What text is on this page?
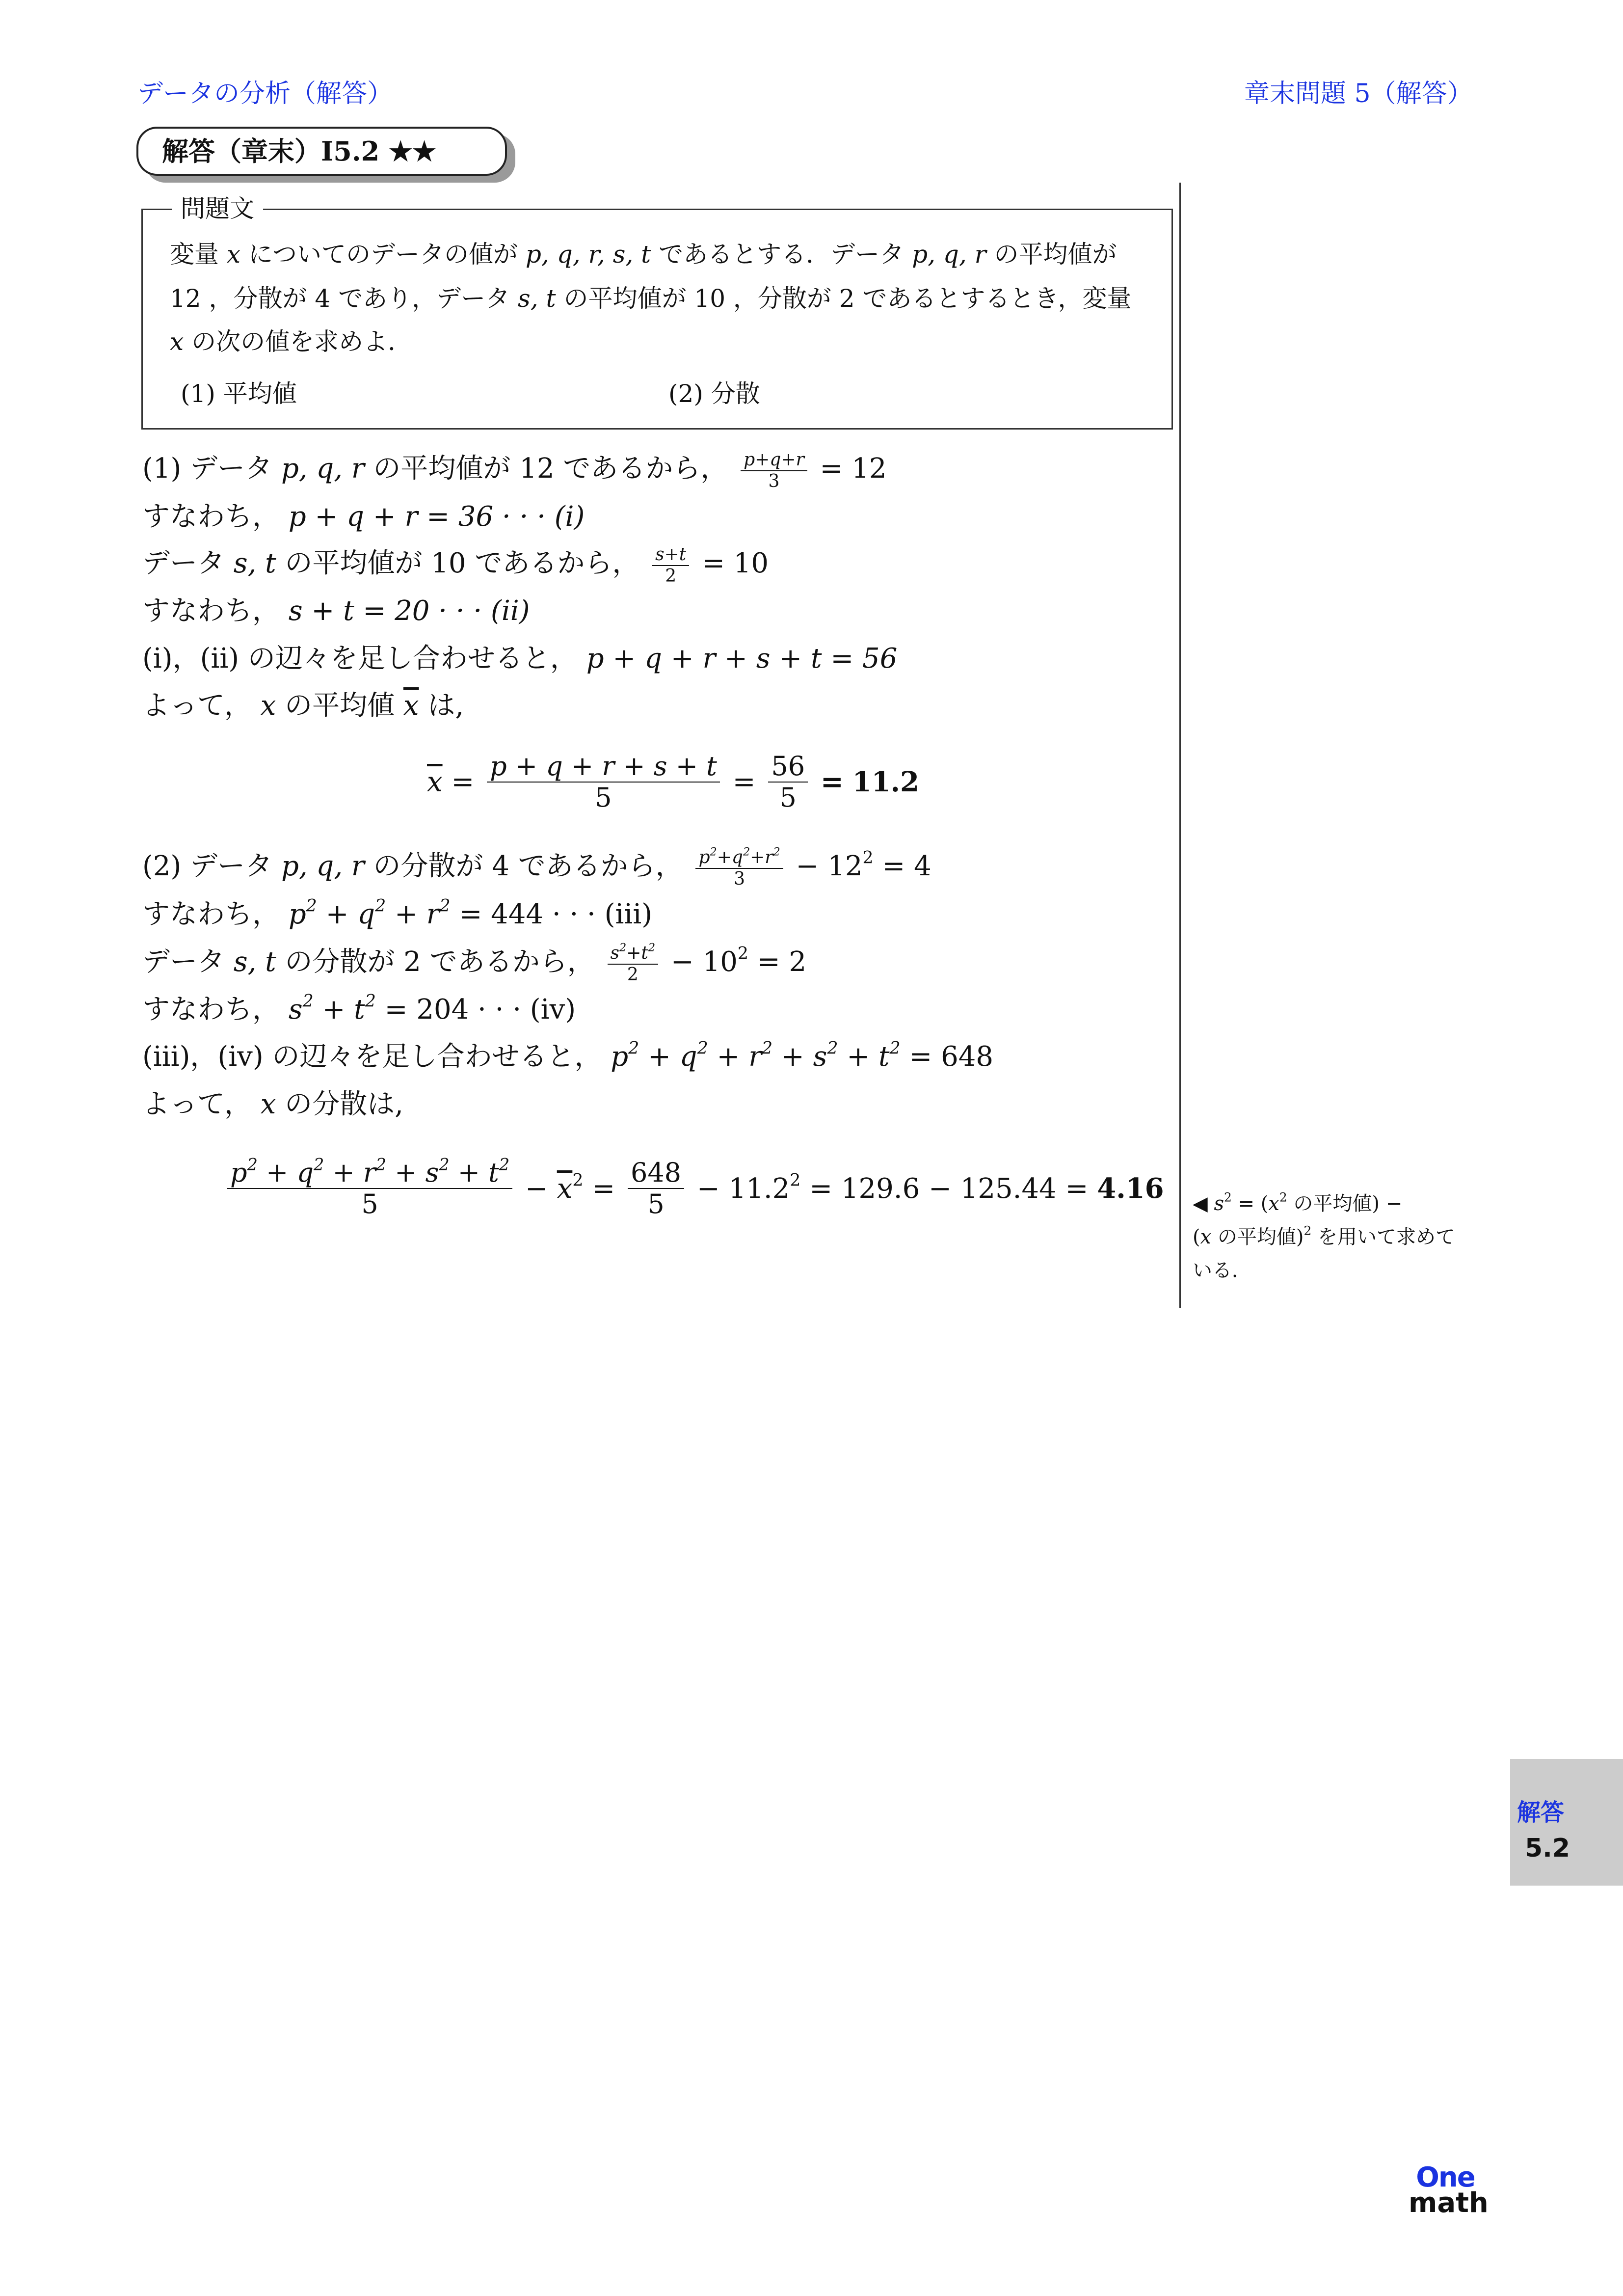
データの分析（解答）	章末問題 5（解答）
解答（章末）I5.2 ★★
問題文
変量 x についてのデータの値が p, q, r, s, t であるとする．データ p, q, r の平均値が
12 ，分散が 4 であり，データ s, t の平均値が 10 ，分散が 2 であるとするとき，変量
x の次の値を求めよ．
(1) 平均値	(2) 分散
(1) データ p, q, r の平均値が 12 であるから， $\frac{p+q+r}{3} = 12$
すなわち， p + q + r = 36 · · · (i)
データ s, t の平均値が 10 であるから， $\frac{s+t}{2} = 10$
すなわち， s + t = 20 · · · (ii)
(i)，(ii) の辺々を足し合わせると， p + q + r + s + t = 56
よって， x の平均値 $\overline{x}$ は,
$\overline{x} = \frac{p + q + r + s + t}{5} = \frac{56}{5} = 11.2$
(2) データ p, q, r の分散が 4 であるから， $\frac{p^2+q^2+r^2}{3} - 12^2 = 4$
すなわち， $p^2 + q^2 + r^2 = 444$ · · · (iii)
データ s, t の分散が 2 であるから， $\frac{s^2+t^2}{2} - 10^2 = 2$
すなわち， $s^2 + t^2 = 204$ · · · (iv)
(iii)，(iv) の辺々を足し合わせると， $p^2 + q^2 + r^2 + s^2 + t^2 = 648$
よって， x の分散は,
$\frac{p^2 + q^2 + r^2 + s^2 + t^2}{5} - \overline{x}^2 = \frac{648}{5} - 11.2^2 = 129.6 - 125.44 = 4.16$ ◀ $s^2 = (x^2$ の平均値) −
(x の平均値)$^2$ を用いて求めて
いる．
解答
5.2
One
math
